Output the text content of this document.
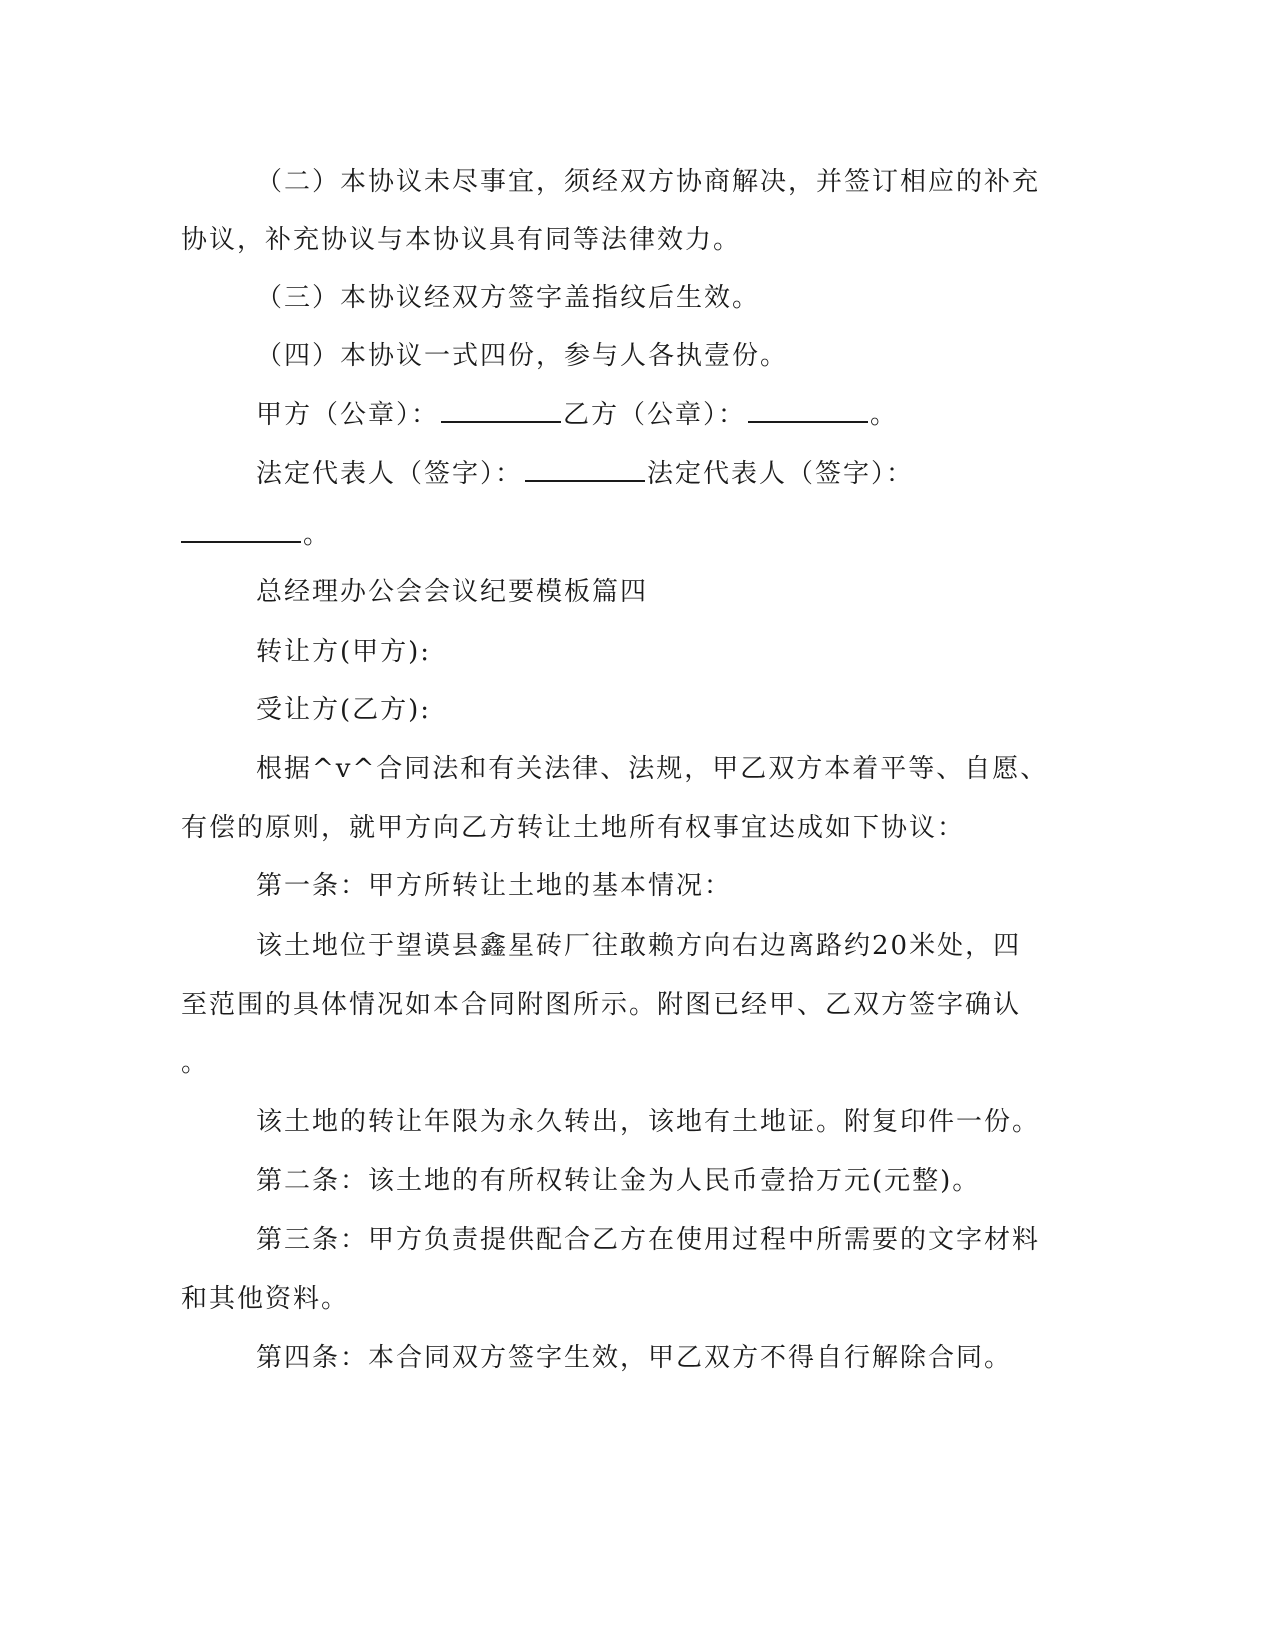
（二）本协议未尽事宜，须经双方协商解决，并签订相应的补充
协议，补充协议与本协议具有同等法律效力。
（三）本协议经双方签字盖指纹后生效。
（四）本协议一式四份，参与人各执壹份。
甲方（公章）：	乙方（公章）：	。
法定代表人（签字）：	法定代表人（签字）：
。
总经理办公会会议纪要模板篇四
转让方(甲方):
受让方(乙方):
根据^v^合同法和有关法律、法规，甲乙双方本着平等、自愿、
有偿的原则，就甲方向乙方转让土地所有权事宜达成如下协议：
第一条：甲方所转让土地的基本情况：
该土地位于望谟县鑫星砖厂往敢赖方向右边离路约20米处，四
至范围的具体情况如本合同附图所示。附图已经甲、乙双方签字确认
。
该土地的转让年限为永久转出，该地有土地证。附复印件一份。
第二条：该土地的有所权转让金为人民币壹拾万元(元整)。
第三条：甲方负责提供配合乙方在使用过程中所需要的文字材料
和其他资料。
第四条：本合同双方签字生效，甲乙双方不得自行解除合同。
